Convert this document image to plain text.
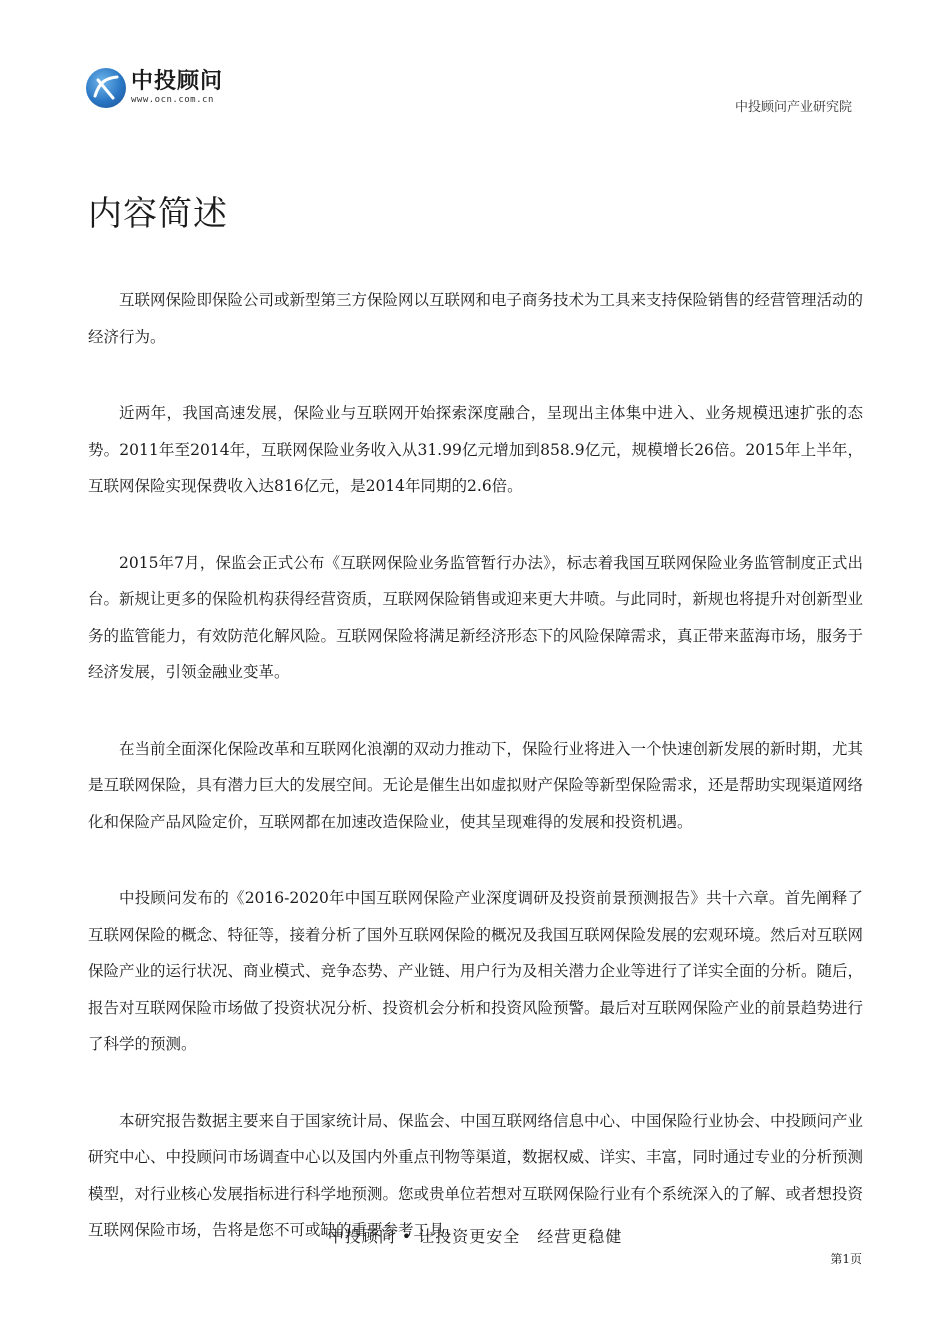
中投顾问
www.ocn.com.cn	中投顾问产业研究院
内容简述

互联网保险即保险公司或新型第三方保险网以互联网和电子商务技术为工具来支持保险销售的经营管理活动的经济行为。

近两年，我国高速发展，保险业与互联网开始探索深度融合，呈现出主体集中进入、业务规模迅速扩张的态势。2011年至2014年，互联网保险业务收入从31.99亿元增加到858.9亿元，规模增长26倍。2015年上半年，互联网保险实现保费收入达816亿元，是2014年同期的2.6倍。

2015年7月，保监会正式公布《互联网保险业务监管暂行办法》，标志着我国互联网保险业务监管制度正式出台。新规让更多的保险机构获得经营资质，互联网保险销售或迎来更大井喷。与此同时，新规也将提升对创新型业务的监管能力，有效防范化解风险。互联网保险将满足新经济形态下的风险保障需求，真正带来蓝海市场，服务于经济发展，引领金融业变革。

在当前全面深化保险改革和互联网化浪潮的双动力推动下，保险行业将进入一个快速创新发展的新时期，尤其是互联网保险，具有潜力巨大的发展空间。无论是催生出如虚拟财产保险等新型保险需求，还是帮助实现渠道网络化和保险产品风险定价，互联网都在加速改造保险业，使其呈现难得的发展和投资机遇。

中投顾问发布的《2016-2020年中国互联网保险产业深度调研及投资前景预测报告》共十六章。首先阐释了互联网保险的概念、特征等，接着分析了国外互联网保险的概况及我国互联网保险发展的宏观环境。然后对互联网保险产业的运行状况、商业模式、竞争态势、产业链、用户行为及相关潜力企业等进行了详实全面的分析。随后，报告对互联网保险市场做了投资状况分析、投资机会分析和投资风险预警。最后对互联网保险产业的前景趋势进行了科学的预测。

本研究报告数据主要来自于国家统计局、保监会、中国互联网络信息中心、中国保险行业协会、中投顾问产业研究中心、中投顾问市场调查中心以及国内外重点刊物等渠道，数据权威、详实、丰富，同时通过专业的分析预测模型，对行业核心发展指标进行科学地预测。您或贵单位若想对互联网保险行业有个系统深入的了解、或者想投资互联网保险市场，告将是您不可或缺的重要参考工具。

中投顾问 • 让投资更安全　经营更稳健
第1页
